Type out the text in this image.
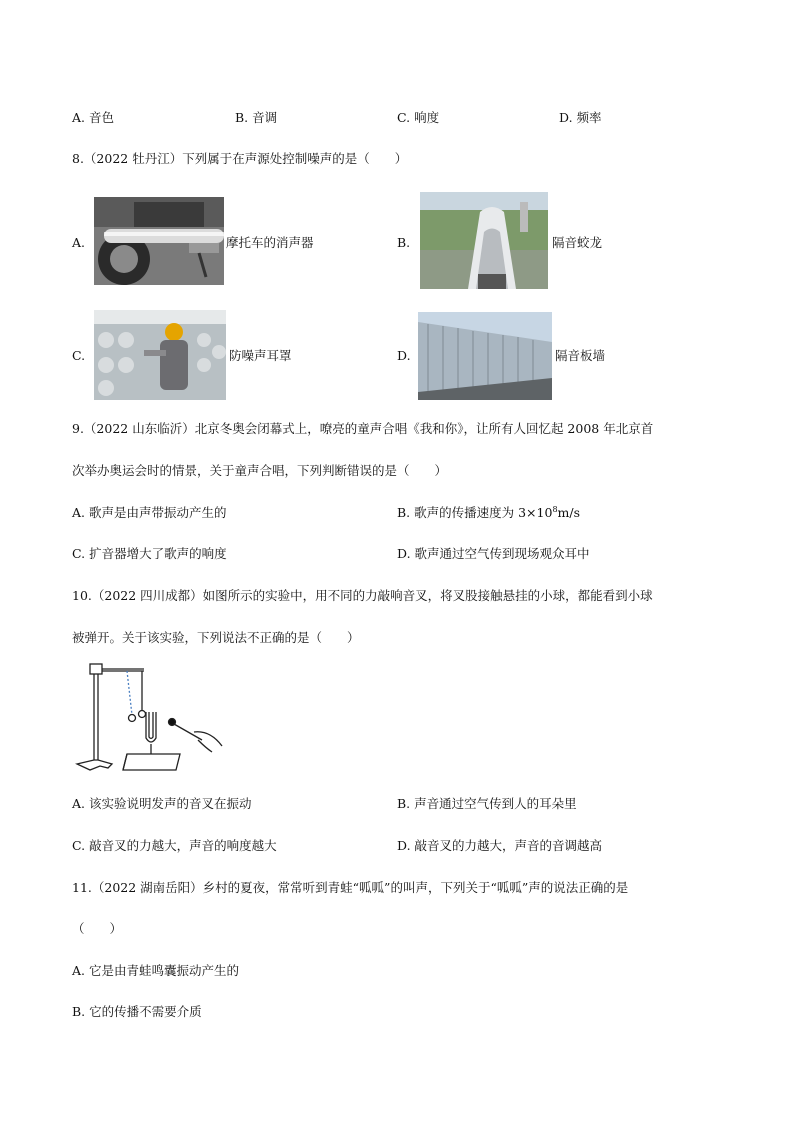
A. 音色	B. 音调	C. 响度	D. 频率
8.（2022 牡丹江）下列属于在声源处控制噪声的是（　　）
A.	摩托车的消声器	B.	隔音蛟龙
C.	防噪声耳罩	D.	隔音板墙
9.（2022 山东临沂）北京冬奥会闭幕式上，嘹亮的童声合唱《我和你》，让所有人回忆起 2008 年北京首
次举办奥运会时的情景，关于童声合唱，下列判断错误的是（　　）
A. 歌声是由声带振动产生的	B. 歌声的传播速度为 $3\times 10^8m/s$
C. 扩音器增大了歌声的响度	D. 歌声通过空气传到现场观众耳中
10.（2022 四川成都）如图所示的实验中，用不同的力敲响音叉，将叉股接触悬挂的小球，都能看到小球
被弹开。关于该实验，下列说法不正确的是（　　）
A. 该实验说明发声的音叉在振动	B. 声音通过空气传到人的耳朵里
C. 敲音叉的力越大，声音的响度越大	D. 敲音叉的力越大，声音的音调越高
11.（2022 湖南岳阳）乡村的夏夜，常常听到青蛙“呱呱”的叫声，下列关于“呱呱”声的说法正确的是
（　　）
A. 它是由青蛙鸣囊振动产生的
B. 它的传播不需要介质
